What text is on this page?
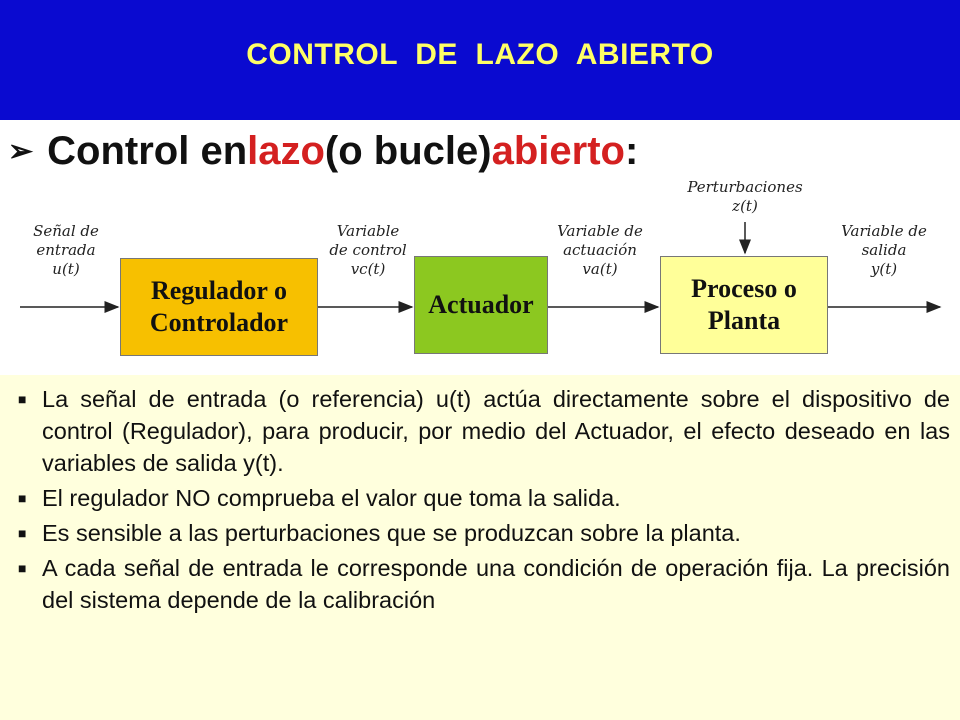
CONTROL  DE  LAZO  ABIERTO
➢ Control en lazo (o bucle) abierto :
Perturbaciones
z(t)
Señal de
entrada
u(t)
Variable
de control
vc(t)
Variable de
actuación
va(t)
Variable de
salida
y(t)
Regulador o
Controlador
Actuador
Proceso o
Planta
■ La señal de entrada (o referencia) u(t) actúa directamente sobre el dispositivo de control (Regulador), para producir, por medio del Actuador, el efecto deseado en las variables de salida y(t).
■ El regulador NO comprueba el valor que toma la salida.
■ Es sensible a las perturbaciones que se produzcan sobre la planta.
■ A cada señal de entrada le corresponde una condición de operación fija. La precisión del sistema depende de la calibración
